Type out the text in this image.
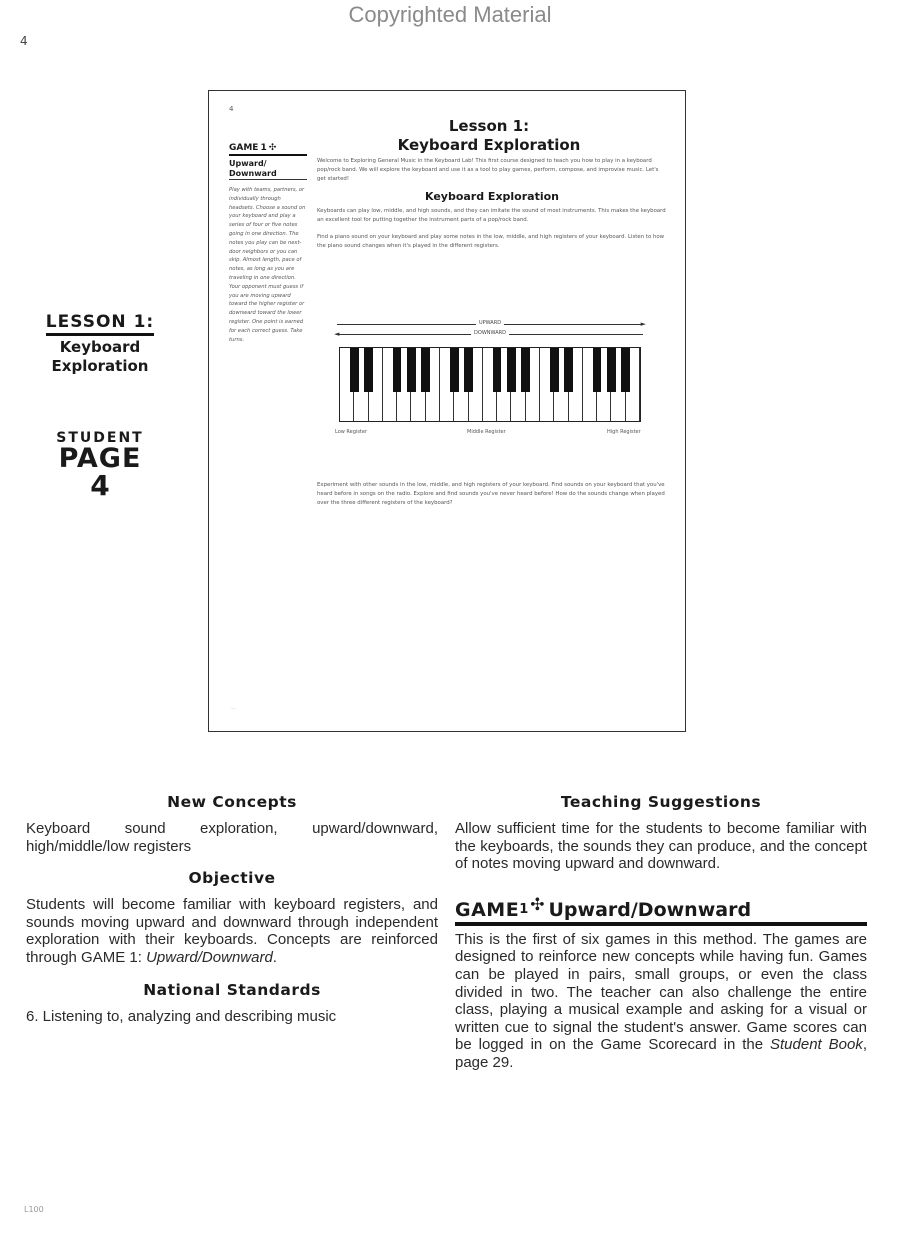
Copyrighted Material
4
LESSON 1:
Keyboard
Exploration
STUDENT
PAGE
4
4
Lesson 1:
Keyboard Exploration
GAME 1 ✣
Upward/ Downward
Play with teams, partners, or individually through headsets. Choose a sound on your keyboard and play a series of four or five notes going in one direction. The notes you play can be next-door neighbors or you can skip. Almost length, pace of notes, as long as you are traveling in one direction. Your opponent must guess if you are moving upward toward the higher register or downward toward the lower register. One point is earned for each correct guess. Take turns.

Welcome to Exploring General Music in the Keyboard Lab! This first course designed to teach you how to play in a keyboard pop/rock band. We will explore the keyboard and use it as a tool to play games, perform, compose, and improvise music. Let's get started!

Keyboard Exploration

Keyboards can play low, middle, and high sounds, and they can imitate the sound of most instruments. This makes the keyboard an excellent tool for putting together the instrument parts of a pop/rock band.

Find a piano sound on your keyboard and play some notes in the low, middle, and high registers of your keyboard. Listen to how the piano sound changes when it's played in the different registers.

►
UPWARD
◄	DOWNWARD
Low Register	Middle Register	High Register

Experiment with other sounds in the low, middle, and high registers of your keyboard. Find sounds on your keyboard that you've heard before in songs on the radio. Explore and find sounds you've never heard before! How do the sounds change when played over the three different registers of the keyboard?

...
New Concepts

Keyboard sound exploration, upward/downward, high/middle/low registers

Objective

Students will become familiar with keyboard registers, and sounds moving upward and downward through independent exploration with their keyboards. Concepts are reinforced through GAME 1: Upward/Downward.

National Standards

6. Listening to, analyzing and describing music

Teaching Suggestions

Allow sufficient time for the students to become familiar with the keyboards, the sounds they can produce, and the concept of notes moving upward and downward.

GAME 1 ✣ Upward/Downward

This is the first of six games in this method. The games are designed to reinforce new concepts while having fun. Games can be played in pairs, small groups, or even the class divided in two. The teacher can also challenge the entire class, playing a musical example and asking for a visual or written cue to signal the student's answer. Game scores can be logged in on the Game Scorecard in the Student Book, page 29.

L100
